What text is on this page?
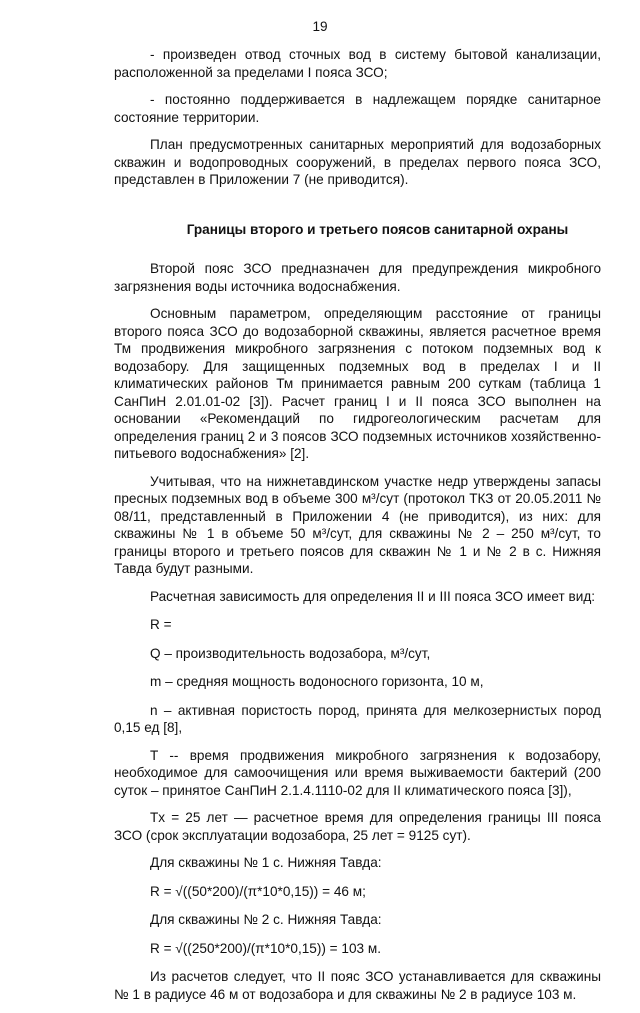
19

- произведен отвод сточных вод в систему бытовой канализации, расположенной за пределами I пояса ЗСО;

- постоянно поддерживается в надлежащем порядке санитарное состояние территории.

План предусмотренных санитарных мероприятий для водозаборных скважин и водопроводных сооружений, в пределах первого пояса ЗСО, представлен в Приложении 7 (не приводится).

Границы второго и третьего поясов санитарной охраны

Второй пояс ЗСО предназначен для предупреждения микробного загрязнения воды источника водоснабжения.

Основным параметром, определяющим расстояние от границы второго пояса ЗСО до водозаборной скважины, является расчетное время Тм продвижения микробного загрязнения с потоком подземных вод к водозабору. Для защищенных подземных вод в пределах I и II климатических районов Тм принимается равным 200 суткам (таблица 1 СанПиН 2.01.01-02 [3]). Расчет границ I и II пояса ЗСО выполнен на основании «Рекомендаций по гидрогеологическим расчетам для определения границ 2 и 3 поясов ЗСО подземных источников хозяйственно-питьевого водоснабжения» [2].

Учитывая, что на нижнетавдинском участке недр утверждены запасы пресных подземных вод в объеме 300 м³/сут (протокол ТКЗ от 20.05.2011 № 08/11, представленный в Приложении 4 (не приводится), из них: для скважины № 1 в объеме 50 м³/сут, для скважины № 2 – 250 м³/сут, то границы второго и третьего поясов для скважин № 1 и № 2 в с. Нижняя Тавда будут разными.

Расчетная зависимость для определения II и III пояса ЗСО имеет вид:

R =

Q – производительность водозабора, м³/сут,

m – средняя мощность водоносного горизонта, 10 м,

n – активная пористость пород, принята для мелкозернистых пород 0,15 ед [8],

T -- время продвижения микробного загрязнения к водозабору, необходимое для самоочищения или время выживаемости бактерий (200 суток – принятое СанПиН 2.1.4.1110-02 для II климатического пояса [3]),

Tx = 25 лет — расчетное время для определения границы III пояса ЗСО (срок эксплуатации водозабора, 25 лет = 9125 сут).

Для скважины № 1 с. Нижняя Тавда:

R = √((50*200)/(π*10*0,15)) = 46 м;

Для скважины № 2 с. Нижняя Тавда:

R = √((250*200)/(π*10*0,15)) = 103 м.

Из расчетов следует, что II пояс ЗСО устанавливается для скважины № 1 в радиусе 46 м от водозабора и для скважины № 2 в радиусе 103 м.
